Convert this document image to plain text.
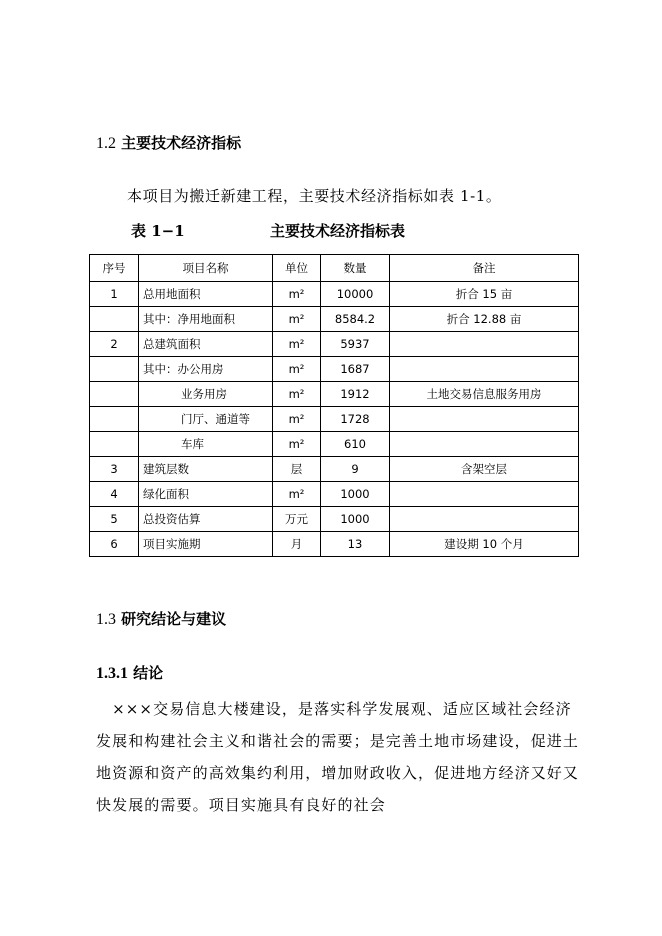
1.2 主要技术经济指标
本项目为搬迁新建工程，主要技术经济指标如表 1-1。
表 1−1	主要技术经济指标表
序号	项目名称	单位	数量	备注
1	总用地面积	m²	10000	折合 15 亩
	其中：净用地面积	m²	8584.2	折合 12.88 亩
2	总建筑面积	m²	5937	
	其中：办公用房	m²	1687	
	业务用房	m²	1912	土地交易信息服务用房
	门厅、通道等	m²	1728	
	车库	m²	610	
3	建筑层数	层	9	含架空层
4	绿化面积	m²	1000	
5	总投资估算	万元	1000	
6	项目实施期	月	13	建设期 10 个月
1.3 研究结论与建议
1.3.1 结论
　×××交易信息大楼建设，是落实科学发展观、适应区域社会经济发展和构建社会主义和谐社会的需要；是完善土地市场建设，促进土地资源和资产的高效集约利用，增加财政收入，促进地方经济又好又快发展的需要。项目实施具有良好的社会
